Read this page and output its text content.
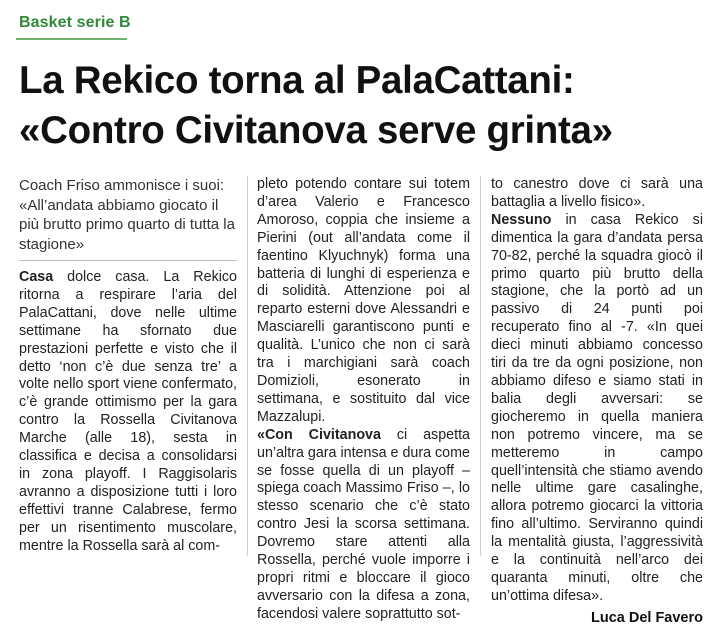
Basket serie B
La Rekico torna al PalaCattani:
«Contro Civitanova serve grinta»

Coach Friso ammonisce i suoi: «All’andata abbiamo giocato il più brutto primo quarto di tutta la stagione»

Casa dolce casa. La Rekico ritorna a respirare l’aria del PalaCattani, dove nelle ultime settimane ha sfornato due prestazioni perfette e visto che il detto ‘non c’è due senza tre’ a volte nello sport viene confermato, c’è grande ottimismo per la gara contro la Rossella Civitanova Marche (alle 18), sesta in classifica e decisa a consolidarsi in zona playoff. I Raggisolaris avranno a disposizione tutti i loro effettivi tranne Calabrese, fermo per un risentimento muscolare, mentre la Rossella sarà al com-

pleto potendo contare sui totem d’area Valerio e Francesco Amoroso, coppia che insieme a Pierini (out all’andata come il faentino Klyuchnyk) forma una batteria di lunghi di esperienza e di solidità. Attenzione poi al reparto esterni dove Alessandri e Masciarelli garantiscono punti e qualità. L’unico che non ci sarà tra i marchigiani sarà coach Domizioli, esonerato in settimana, e sostituito dal vice Mazzalupi.

«Con Civitanova ci aspetta un’altra gara intensa e dura come se fosse quella di un playoff – spiega coach Massimo Friso –, lo stesso scenario che c’è stato contro Jesi la scorsa settimana. Dovremo stare attenti alla Rossella, perché vuole imporre i propri ritmi e bloccare il gioco avversario con la difesa a zona, facendosi valere soprattutto sot-

to canestro dove ci sarà una battaglia a livello fisico».

Nessuno in casa Rekico si dimentica la gara d’andata persa 70-82, perché la squadra giocò il primo quarto più brutto della stagione, che la portò ad un passivo di 24 punti poi recuperato fino al -7. «In quei dieci minuti abbiamo concesso tiri da tre da ogni posizione, non abbiamo difeso e siamo stati in balia degli avversari: se giocheremo in quella maniera non potremo vincere, ma se metteremo in campo quell’intensità che stiamo avendo nelle ultime gare casalinghe, allora potremo giocarci la vittoria fino all’ultimo. Serviranno quindi la mentalità giusta, l’aggressività e la continuità nell’arco dei quaranta minuti, oltre che un’ottima difesa».

Luca Del Favero
